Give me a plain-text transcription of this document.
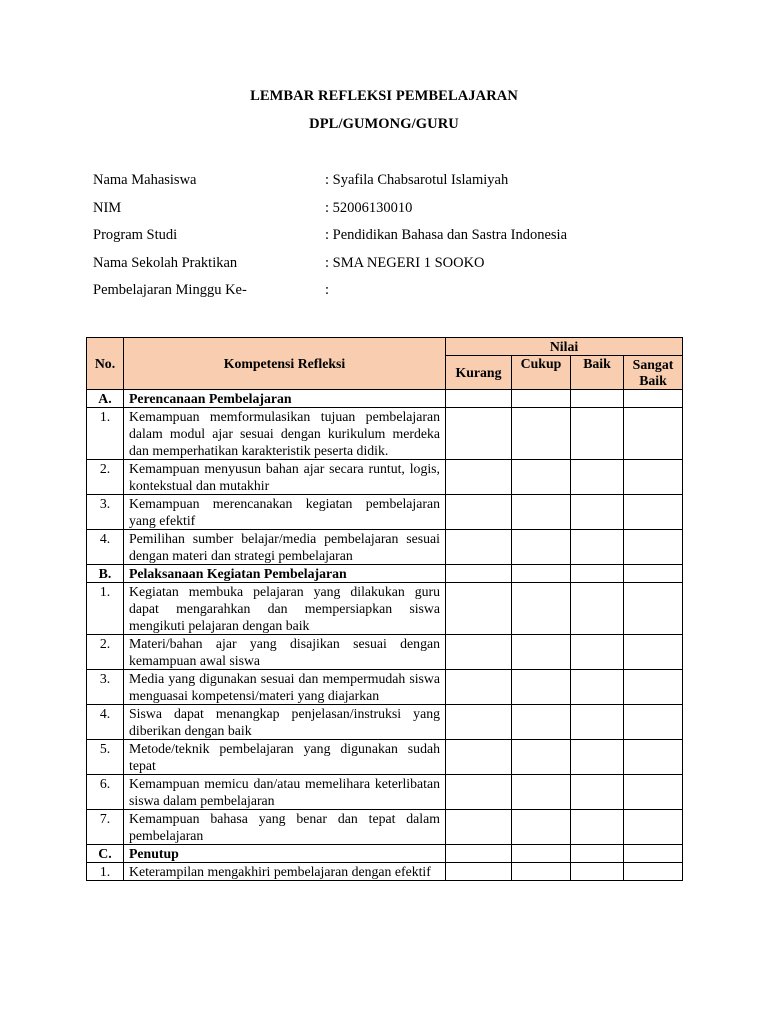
LEMBAR REFLEKSI PEMBELAJARAN
DPL/GUMONG/GURU
Nama Mahasiswa	: Syafila Chabsarotul Islamiyah
NIM	: 52006130010
Program Studi	: Pendidikan Bahasa dan Sastra Indonesia
Nama Sekolah Praktikan	: SMA NEGERI 1 SOOKO
Pembelajaran Minggu Ke-	:
No.	Kompetensi Refleksi	Nilai			
		Kurang	Cukup	Baik	Sangat Baik
A.	Perencanaan Pembelajaran				
1.	Kemampuan memformulasikan tujuan pembelajaran dalam modul ajar sesuai dengan kurikulum merdeka dan memperhatikan karakteristik peserta didik.				
2.	Kemampuan menyusun bahan ajar secara runtut, logis, kontekstual dan mutakhir				
3.	Kemampuan merencanakan kegiatan pembelajaran yang efektif				
4.	Pemilihan sumber belajar/media pembelajaran sesuai dengan materi dan strategi pembelajaran				
B.	Pelaksanaan Kegiatan Pembelajaran				
1.	Kegiatan membuka pelajaran yang dilakukan guru dapat mengarahkan dan mempersiapkan siswa mengikuti pelajaran dengan baik				
2.	Materi/bahan ajar yang disajikan sesuai dengan kemampuan awal siswa				
3.	Media yang digunakan sesuai dan mempermudah siswa menguasai kompetensi/materi yang diajarkan				
4.	Siswa dapat menangkap penjelasan/instruksi yang diberikan dengan baik				
5.	Metode/teknik pembelajaran yang digunakan sudah tepat				
6.	Kemampuan memicu dan/atau memelihara keterlibatan siswa dalam pembelajaran				
7.	Kemampuan bahasa yang benar dan tepat dalam pembelajaran				
C.	Penutup				
1.	Keterampilan mengakhiri pembelajaran dengan efektif				
